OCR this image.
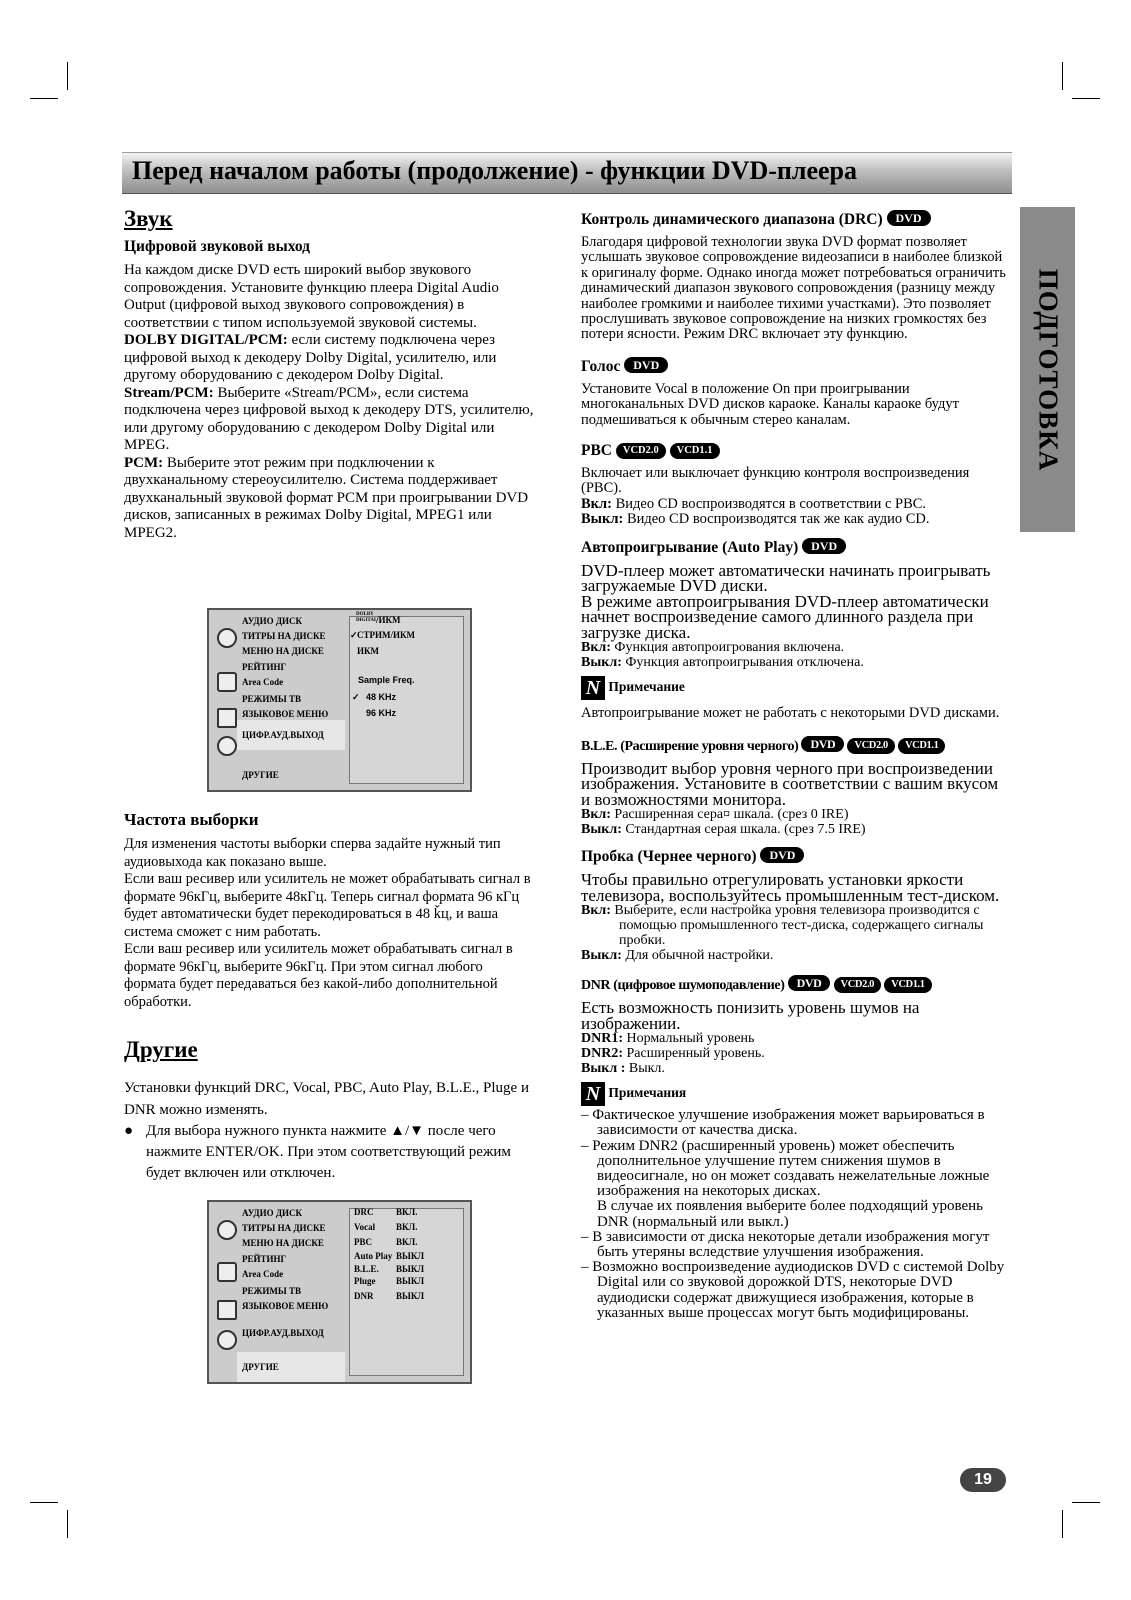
Перед началом работы (продолжение) - функции DVD-плеера
ПОДГОТОВКА
Звук

Цифровой звуковой выход

На каждом диске DVD есть широкий выбор звукового сопровождения. Установите функцию плеера Digital Audio Output (цифровой выход звукового сопровождения) в соответствии с типом используемой звуковой системы.

DOLBY DIGITAL/PCM: если систему подключена через цифровой выход к декодеру Dolby Digital, усилителю, или другому оборудованию с декодером Dolby Digital.

Stream/PCM: Выберите «Stream/PCM», если система подключена через цифровой выход к декодеру DTS, усилителю, или другому оборудованию с декодером Dolby Digital или MPEG.

PCM: Выберите этот режим при подключении к двухканальному стереоусилителю. Система поддерживает двухканальный звуковой формат PCM при проигрывании DVD дисков, записанных в режимах Dolby Digital, MPEG1 или MPEG2.

АУДИО ДИСК
ТИТРЫ НА ДИСКЕ
МЕНЮ НА ДИСКЕ
РЕЙТИНГ
Area Code
РЕЖИМЫ ТВ
ЯЗЫКОВОЕ МЕНЮ
ЦИФР.АУД.ВЫХОД
ДРУГИЕ
DOLBY DIGITAL
/ИКМ
✓ СТРИМ/ИКМ
ИКМ
Sample Freq.
✓ 48 KHz
96 KHz
Частота выборки

Для изменения частоты выборки сперва задайте нужный тип аудиовыхода как показано выше.

Если ваш ресивер или усилитель не может обрабатывать сигнал в формате 96кГц, выберите 48кГц. Теперь сигнал формата 96 кГц будет автоматически будет перекодироваться в 48 ǩц, и ваша система сможет с ним работать.

Если ваш ресивер или усилитель может обрабатывать сигнал в формате 96кГц, выберите 96кГц. При этом сигнал любого формата будет передаваться без какой-либо дополнительной обработки.

Другие

Установки функций DRC, Vocal, PBC, Auto Play, B.L.E., Pluge и DNR можно изменять.

● Для выбора нужного пункта нажмите ▲/▼ после чего нажмите ENTER/OK. При этом соответствующий режим будет включен или отключен.

АУДИО ДИСК
ТИТРЫ НА ДИСКЕ
МЕНЮ НА ДИСКЕ
РЕЙТИНГ
Area Code
РЕЖИМЫ ТВ
ЯЗЫКОВОЕ МЕНЮ
ЦИФР.АУД.ВЫХОД
ДРУГИЕ
DRC	ВКЛ.
Vocal ВКЛ.
PBC	ВКЛ.
Auto Play ВЫКЛ
B.L.E. ВЫКЛ
Pluge ВЫКЛ
DNR	ВЫКЛ

Контроль динамического диапазона (DRC) DVD

Благодаря цифровой технологии звука DVD формат позволяет услышать звуковое сопровождение видеозаписи в наиболее близкой к оригиналу форме. Однако иногда может потребоваться ограничить динамический диапазон звукового сопровождения (разницу между наиболее громкими и наиболее тихими участками). Это позволяет прослушивать звуковое сопровождение на низких громкостях без потери ясности. Режим DRC включает эту функцию.

Голос DVD

Установите Vocal в положение On при проигрывании многоканальных DVD дисков караоке. Каналы караоке будут подмешиваться к обычным стерео каналам.

PBC VCD2.0 VCD1.1

Включает или выключает функцию контроля воспроизведения (PBC).

Вкл: Видео CD воспроизводятся в соответствии с PBC.

Выкл: Видео CD воспроизводятся так же как аудио CD.

Автопроигрывание (Auto Play) DVD

DVD-плеер может автоматически начинать проигрывать загружаемые DVD диски.

В режиме автопроигрывания DVD-плеер автоматически начнет воспроизведение самого длинного раздела при загрузке диска.

Вкл: Функция автопроигрования включена.

Выкл: Функция автопроигрывания отключена.

N Примечание

Автопроигрывание может не работать с некоторыми DVD дисками.

B.L.E. (Расширение уровня черного) DVD VCD2.0 VCD1.1

Производит выбор уровня черного при воспроизведении изображения. Установите в соответствии с вашим вкусом и возможностями монитора.

Вкл: Расширенная сера¤ шкала. (срез 0 IRE)

Выкл: Стандартная серая шкала. (срез 7.5 IRE)

Пробка (Чернее черного) DVD

Чтобы правильно отрегулировать установки яркости телевизора, воспользуйтесь промышленным тест-диском.

Вкл: Выберите, если настройка уровня телевизора производится с помощью промышленного тест-диска, содержащего сигналы пробки.

Выкл: Для обычной настройки.

DNR (цифровое шумоподавление) DVD VCD2.0 VCD1.1

Есть возможность понизить уровень шумов на изображении.

DNR1: Нормальный уровень

DNR2: Расширенный уровень.

Выкл : Выкл.

N Примечания

– Фактическое улучшение изображения может варьироваться в зависимости от качества диска.
– Режим DNR2 (расширенный уровень) может обеспечить дополнительное улучшение путем снижения шумов в видеосигнале, но он может создавать нежелательные ложные изображения на некоторых дисках.
В случае их появления выберите более подходящий уровень DNR (нормальный или выкл.)
– В зависимости от диска некоторые детали изображения могут быть утеряны вследствие улучшения изображения.
– Возможно воспроизведение аудиодисков DVD с системой Dolby Digital или со звуковой дорожкой DTS, некоторые DVD аудиодиски содержат движущиеся изображения, которые в указанных выше процессах могут быть модифицированы.
19
